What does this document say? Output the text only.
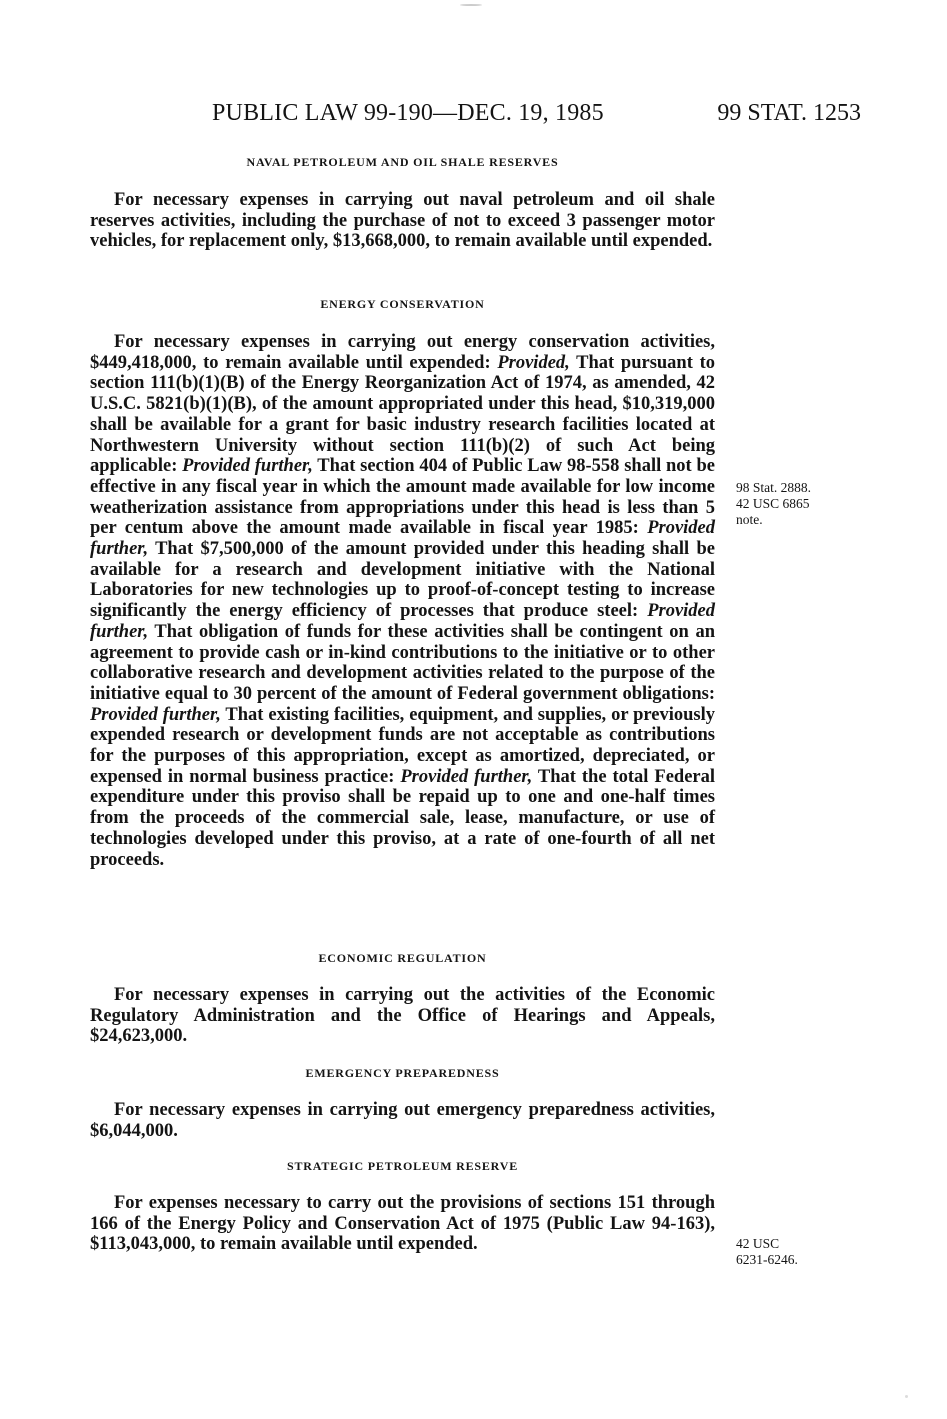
PUBLIC LAW 99-190—DEC. 19, 1985	99 STAT. 1253
NAVAL PETROLEUM AND OIL SHALE RESERVES
For necessary expenses in carrying out naval petroleum and oil shale reserves activities, including the purchase of not to exceed 3 passenger motor vehicles, for replacement only, $13,668,000, to remain available until expended.
ENERGY CONSERVATION
For necessary expenses in carrying out energy conservation activities, $449,418,000, to remain available until expended: Provided, That pursuant to section 111(b)(1)(B) of the Energy Reorganization Act of 1974, as amended, 42 U.S.C. 5821(b)(1)(B), of the amount appropriated under this head, $10,319,000 shall be available for a grant for basic industry research facilities located at Northwestern University without section 111(b)(2) of such Act being applicable: Provided further, That section 404 of Public Law 98-558 shall not be effective in any fiscal year in which the amount made available for low income weatherization assistance from appropriations under this head is less than 5 per centum above the amount made available in fiscal year 1985: Provided further, That $7,500,000 of the amount provided under this heading shall be available for a research and development initiative with the National Laboratories for new technologies up to proof-of-concept testing to increase significantly the energy efficiency of processes that produce steel: Provided further, That obligation of funds for these activities shall be contingent on an agreement to provide cash or in-kind contributions to the initiative or to other collaborative research and development activities related to the purpose of the initiative equal to 30 percent of the amount of Federal government obligations: Provided further, That existing facilities, equipment, and supplies, or previously expended research or development funds are not acceptable as contributions for the purposes of this appropriation, except as amortized, depreciated, or expensed in normal business practice: Provided further, That the total Federal expenditure under this proviso shall be repaid up to one and one-half times from the proceeds of the commercial sale, lease, manufacture, or use of technologies developed under this proviso, at a rate of one-fourth of all net proceeds.
ECONOMIC REGULATION
For necessary expenses in carrying out the activities of the Economic Regulatory Administration and the Office of Hearings and Appeals, $24,623,000.
EMERGENCY PREPAREDNESS
For necessary expenses in carrying out emergency preparedness activities, $6,044,000.
STRATEGIC PETROLEUM RESERVE
For expenses necessary to carry out the provisions of sections 151 through 166 of the Energy Policy and Conservation Act of 1975 (Public Law 94-163), $113,043,000, to remain available until expended.
98 Stat. 2888.
42 USC 6865
note.
42 USC
6231-6246.
